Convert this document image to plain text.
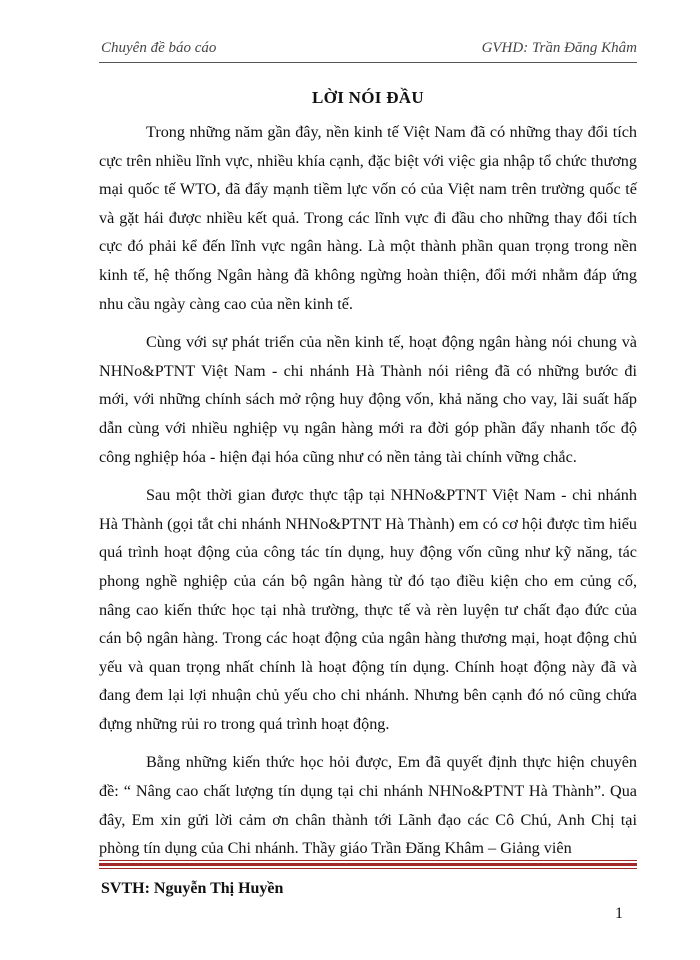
Chuyên đề báo cáo	GVHD: Trần Đăng Khâm
LỜI NÓI ĐẦU

Trong những năm gần đây, nền kinh tế Việt Nam đã có những thay đổi tích cực trên nhiều lĩnh vực, nhiều khía cạnh, đặc biệt với việc gia nhập tổ chức thương mại quốc tế WTO, đã đẩy mạnh tiềm lực vốn có của Việt nam trên trường quốc tế và gặt hái được nhiều kết quả. Trong các lĩnh vực đi đầu cho những thay đổi tích cực đó phải kể đến lĩnh vực ngân hàng. Là một thành phần quan trọng trong nền kinh tế, hệ thống Ngân hàng đã không ngừng hoàn thiện, đổi mới nhằm đáp ứng nhu cầu ngày càng cao của nền kinh tế.

Cùng với sự phát triển của nền kinh tế, hoạt động ngân hàng nói chung và NHNo&PTNT Việt Nam - chi nhánh Hà Thành nói riêng đã có những bước đi mới, với những chính sách mở rộng huy động vốn, khả năng cho vay, lãi suất hấp dẫn cùng với nhiều nghiệp vụ ngân hàng mới ra đời góp phần đẩy nhanh tốc độ công nghiệp hóa - hiện đại hóa cũng như có nền tảng tài chính vững chắc.

Sau một thời gian được thực tập tại NHNo&PTNT Việt Nam - chi nhánh Hà Thành (gọi tắt chi nhánh NHNo&PTNT Hà Thành) em có cơ hội được tìm hiểu quá trình hoạt động của công tác tín dụng, huy động vốn cũng như kỹ năng, tác phong nghề nghiệp của cán bộ ngân hàng từ đó tạo điều kiện cho em củng cố, nâng cao kiến thức học tại nhà trường, thực tế và rèn luyện tư chất đạo đức của cán bộ ngân hàng. Trong các hoạt động của ngân hàng thương mại, hoạt động chủ yếu và quan trọng nhất chính là hoạt động tín dụng. Chính hoạt động này đã và đang đem lại lợi nhuận chủ yếu cho chi nhánh. Nhưng bên cạnh đó nó cũng chứa đựng những rủi ro trong quá trình hoạt động.

Bằng những kiến thức học hỏi được, Em đã quyết định thực hiện chuyên đề: “ Nâng cao chất lượng tín dụng tại chi nhánh NHNo&PTNT Hà Thành”. Qua đây, Em xin gửi lời cảm ơn chân thành tới Lãnh đạo các Cô Chú, Anh Chị tại phòng tín dụng của Chi nhánh. Thầy giáo Trần Đăng Khâm – Giảng viên

SVTH: Nguyễn Thị Huyền
1
